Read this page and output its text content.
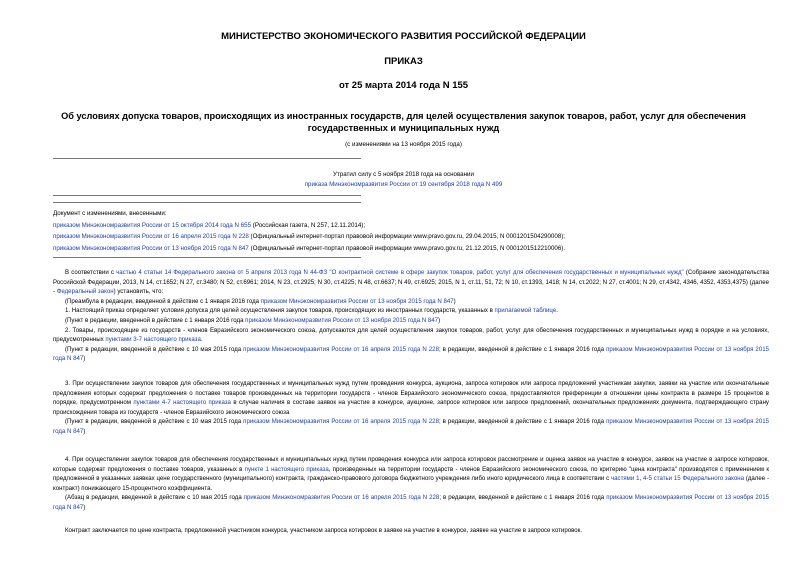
МИНИСТЕРСТВО ЭКОНОМИЧЕСКОГО РАЗВИТИЯ РОССИЙСКОЙ ФЕДЕРАЦИИ
ПРИКАЗ
от 25 марта 2014 года N 155
Об условиях допуска товаров, происходящих из иностранных государств, для целей осуществления закупок товаров, работ, услуг для обеспечения государственных и муниципальных нужд
(с изменениями на 13 ноября 2015 года)
Утратил силу с 5 ноября 2018 года на основании
приказа Минэкономразвития России от 19 сентября 2018 года N 499
Документ с изменениями, внесенными:
приказом Минэкономразвития России от 15 октября 2014 года N 655 (Российская газета, N 257, 12.11.2014);
приказом Минэкономразвития России от 16 апреля 2015 года N 228 (Официальный интернет-портал правовой информации www.pravo.gov.ru, 29.04.2015, N 0001201504290008);
приказом Минэкономразвития России от 13 ноября 2015 года N 847 (Официальный интернет-портал правовой информации www.pravo.gov.ru, 21.12.2015, N 0001201512210006).

В соответствии с частью 4 статьи 14 Федерального закона от 5 апреля 2013 года N 44-ФЗ "О контрактной системе в сфере закупок товаров, работ, услуг для обеспечения государственных и муниципальных нужд" (Собрание законодательства Российской Федерации, 2013, N 14, ст.1652; N 27, ст.3480; N 52, ст.6961; 2014, N 23, ст.2925; N 30, ст.4225; N 48, ст.6637; N 49, ст.6925; 2015, N 1, ст.11, 51, 72; N 10, ст.1393, 1418; N 14, ст.2022; N 27, ст.4001; N 29, ст.4342, 4346, 4352, 4353,4375) (далее - Федеральный закон) установить, что:

(Преамбула в редакции, введенной в действие с 1 января 2016 года приказом Минэкономразвития России от 13 ноября 2015 года N 847)

1. Настоящий приказ определяет условия допуска для целей осуществления закупок товаров, происходящих из иностранных государств, указанных в прилагаемой таблице.

(Пункт в редакции, введенной в действие с 1 января 2016 года приказом Минэкономразвития России от 13 ноября 2015 года N 847)

2. Товары, происходящие из государств - членов Евразийского экономического союза, допускаются для целей осуществления закупок товаров, работ, услуг для обеспечения государственных и муниципальных нужд в порядке и на условиях, предусмотренных пунктами 3-7 настоящего приказа.

(Пункт в редакции, введенной в действие с 10 мая 2015 года приказом Минэкономразвития России от 16 апреля 2015 года N 228; в редакции, введенной в действие с 1 января 2016 года приказом Минэкономразвития России от 13 ноября 2015 года N 847)

3. При осуществлении закупок товаров для обеспечения государственных и муниципальных нужд путем проведения конкурса, аукциона, запроса котировок или запроса предложений участникам закупки, заявки на участие или окончательные предложения которых содержат предложения о поставке товаров произведенных на территории государств - членов Евразийского экономического союза, предоставляются преференции в отношении цены контракта в размере 15 процентов в порядке, предусмотренном пунктами 4-7 настоящего приказа в случае наличия в составе заявок на участие в конкурсе, аукционе, запросе котировок или запросе предложений, окончательных предложениях документа, подтверждающего страну происхождения товара из государств - членов Евразийского экономического союза

(Пункт в редакции, введенной в действие с 10 мая 2015 года приказом Минэкономразвития России от 16 апреля 2015 года N 228; в редакции, введенной в действие с 1 января 2016 года приказом Минэкономразвития России от 13 ноября 2015 года N 847)

4. При осуществлении закупок товаров для обеспечения государственных и муниципальных нужд путем проведения конкурса или запроса котировок рассмотрение и оценка заявок на участие в конкурсе, заявок на участие в запросе котировок, которые содержат предложения о поставке товаров, указанных в пункте 1 настоящего приказа, произведенных на территории государств - членов Евразийского экономического союза, по критерию "цена контракта" производятся с применением к предложенной в указанных заявках цене государственного (муниципального) контракта, гражданско-правового договора бюджетного учреждения либо иного юридического лица в соответствии с частями 1, 4-5 статьи 15 Федерального закона (далее - контракт) понижающего 15-процентного коэффициента.

(Абзац в редакции, введенной в действие с 10 мая 2015 года приказом Минэкономразвития России от 16 апреля 2015 года N 228; в редакции, введенной в действие с 1 января 2016 года приказом Минэкономразвития России от 13 ноября 2015 года N 847)

Контракт заключается по цене контракта, предложенной участником конкурса, участником запроса котировок в заявке на участие в конкурсе, заявке на участие в запросе котировок.
